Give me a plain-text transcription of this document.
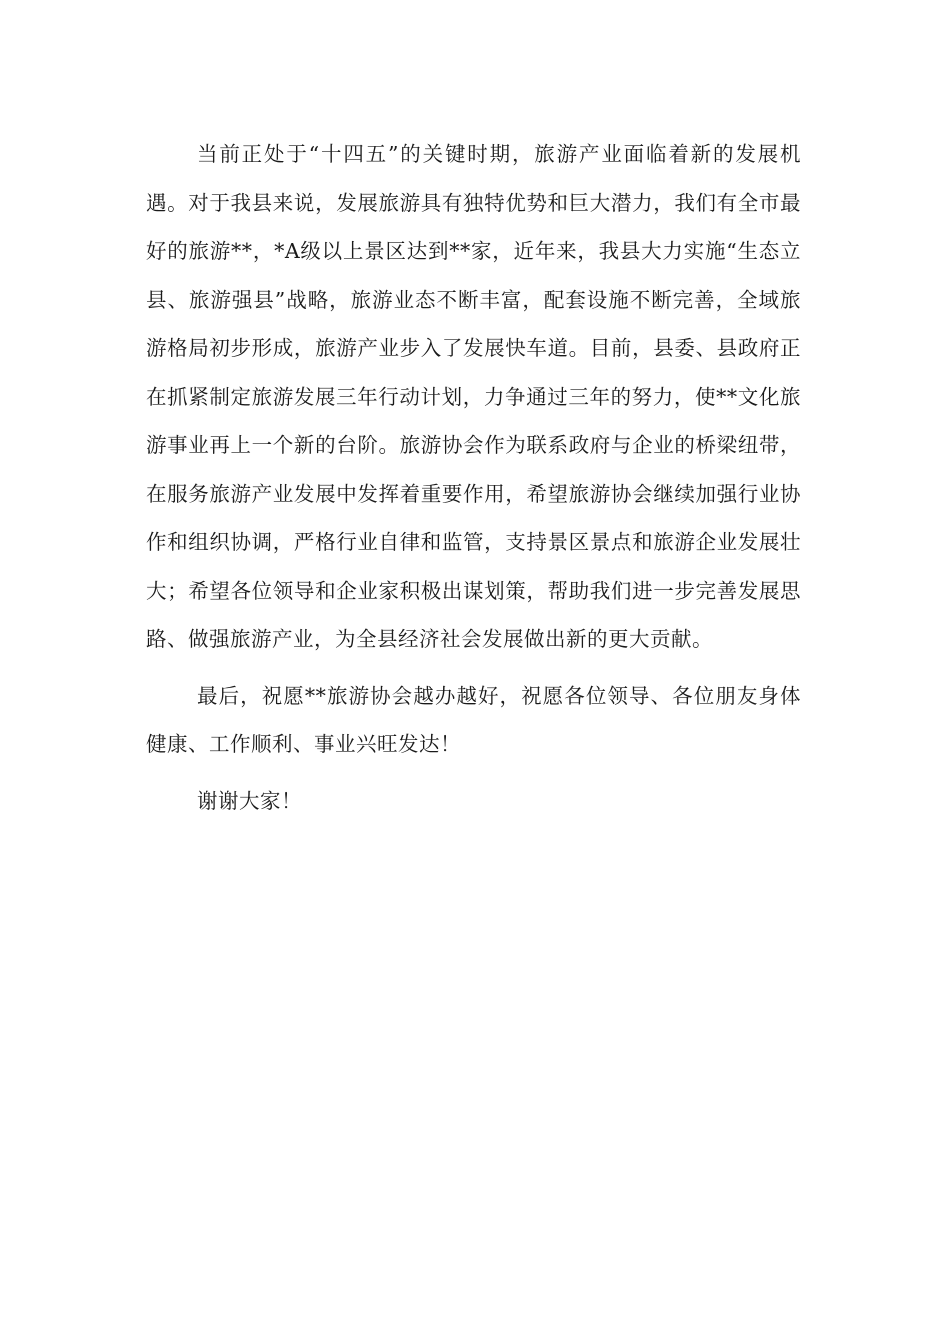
当前正处于“十四五”的关键时期，旅游产业面临着新的发展机遇。对于我县来说，发展旅游具有独特优势和巨大潜力，我们有全市最好的旅游**，*A级以上景区达到**家，近年来，我县大力实施“生态立县、旅游强县”战略，旅游业态不断丰富，配套设施不断完善，全域旅游格局初步形成，旅游产业步入了发展快车道。目前，县委、县政府正在抓紧制定旅游发展三年行动计划，力争通过三年的努力，使**文化旅游事业再上一个新的台阶。旅游协会作为联系政府与企业的桥梁纽带，在服务旅游产业发展中发挥着重要作用，希望旅游协会继续加强行业协作和组织协调，严格行业自律和监管，支持景区景点和旅游企业发展壮大；希望各位领导和企业家积极出谋划策，帮助我们进一步完善发展思路、做强旅游产业，为全县经济社会发展做出新的更大贡献。

最后，祝愿**旅游协会越办越好，祝愿各位领导、各位朋友身体健康、工作顺利、事业兴旺发达！

谢谢大家！
